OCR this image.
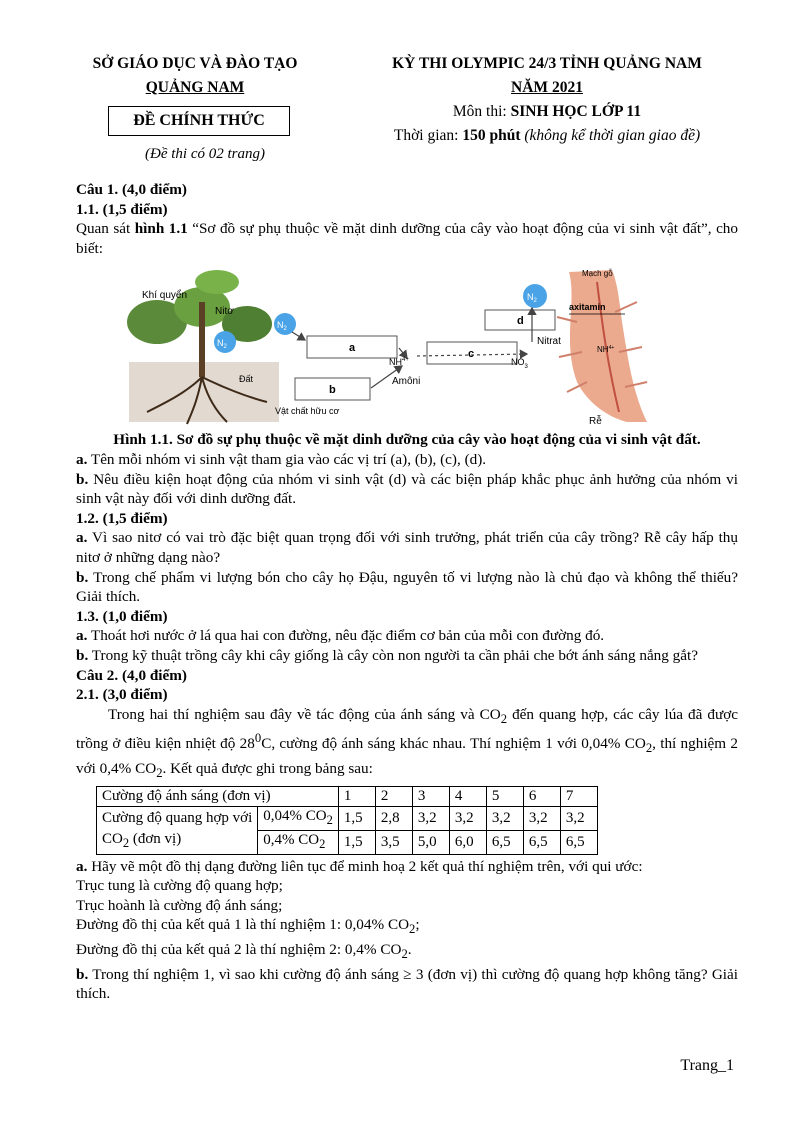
SỞ GIÁO DỤC VÀ ĐÀO TẠO
QUẢNG NAM
ĐỀ CHÍNH THỨC
(Đề thi có 02 trang)
KỲ THI OLYMPIC 24/3 TỈNH QUẢNG NAM
NĂM 2021
Môn thi: SINH HỌC LỚP 11
Thời gian: 150 phút (không kể thời gian giao đề)

Câu 1. (4,0 điểm)

1.1. (1,5 điểm)

Quan sát hình 1.1 “Sơ đồ sự phụ thuộc về mặt dinh dưỡng của cây vào hoạt động của vi sinh vật đất”, cho biết:

Khí quyển
Nitơ
Đất
$N_2$
$N_2$
$N_2$
a
b
c
d
$NH^{4+}$
Amôni
$NO_3$
Nitrat
Vật chất hữu cơ
Mạch gỗ
axitamin
Rễ
$NH^{4+}$

Hình 1.1. Sơ đồ sự phụ thuộc về mặt dinh dưỡng của cây vào hoạt động của vi sinh vật đất.

a. Tên mỗi nhóm vi sinh vật tham gia vào các vị trí (a), (b), (c), (d).

b. Nêu điều kiện hoạt động của nhóm vi sinh vật (d) và các biện pháp khắc phục ảnh hưởng của nhóm vi sinh vật này đối với dinh dưỡng đất.

1.2. (1,5 điểm)

a. Vì sao nitơ có vai trò đặc biệt quan trọng đối với sinh trưởng, phát triển của cây trồng? Rễ cây hấp thụ nitơ ở những dạng nào?

b. Trong chế phẩm vi lượng bón cho cây họ Đậu, nguyên tố vi lượng nào là chủ đạo và không thể thiếu? Giải thích.

1.3. (1,0 điểm)

a. Thoát hơi nước ở lá qua hai con đường, nêu đặc điểm cơ bản của mỗi con đường đó.

b. Trong kỹ thuật trồng cây khi cây giống là cây còn non người ta cần phải che bớt ánh sáng nắng gắt?

Câu 2. (4,0 điểm)

2.1. (3,0 điểm)

Trong hai thí nghiệm sau đây về tác động của ánh sáng và $CO_2$ đến quang hợp, các cây lúa đã được trồng ở điều kiện nhiệt độ $28^0C$, cường độ ánh sáng khác nhau. Thí nghiệm 1 với 0,04% $CO_2$, thí nghiệm 2 với 0,4% $CO_2$. Kết quả được ghi trong bảng sau:

Cường độ ánh sáng (đơn vị)		1	2	3	4	5	6	7
Cường độ quang hợp với	0,04% $CO_2$	1,5	2,8	3,2	3,2	3,2	3,2	3,2
$CO_2$ (đơn vị)	0,4% $CO_2$	1,5	3,5	5,0	6,0	6,5	6,5	6,5

a. Hãy vẽ một đồ thị dạng đường liên tục để minh hoạ 2 kết quả thí nghiệm trên, với qui ước:

Trục tung là cường độ quang hợp;

Trục hoành là cường độ ánh sáng;

Đường đồ thị của kết quả 1 là thí nghiệm 1: 0,04% $CO_2$;

Đường đồ thị của kết quả 2 là thí nghiệm 2: 0,4% $CO_2$.

b. Trong thí nghiệm 1, vì sao khi cường độ ánh sáng ≥ 3 (đơn vị) thì cường độ quang hợp không tăng? Giải thích.

Trang_1
